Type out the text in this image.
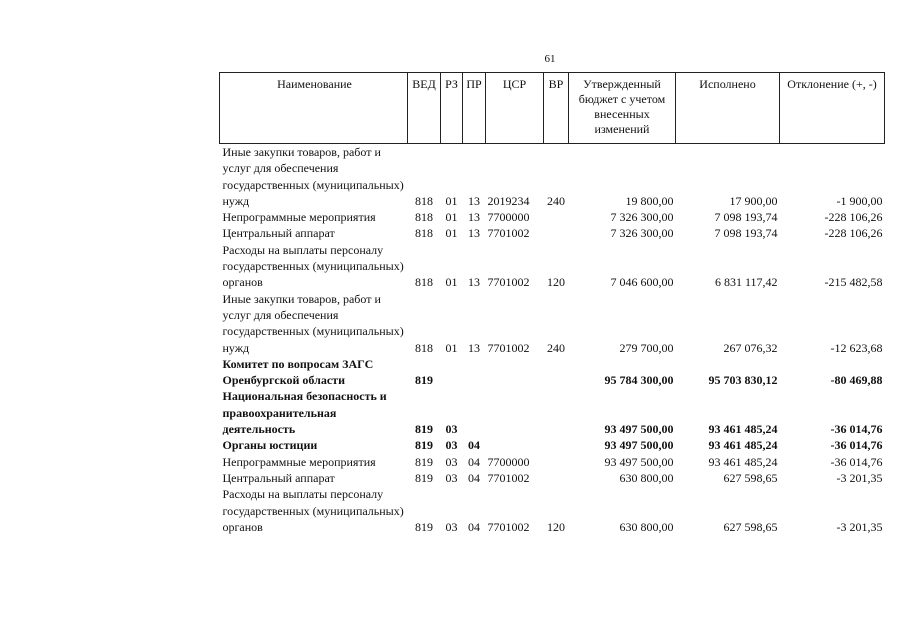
61
Наименование	ВЕД	РЗ	ПР	ЦСР	ВР	Утвержденный бюджет с учетом внесенных изменений	Исполнено	Отклонение (+, -)
Иные закупки товаров, работ и услуг для обеспечения государственных (муниципальных) нужд	818	01	13	2019234	240	19 800,00	17 900,00	-1 900,00
Непрограммные мероприятия	818	01	13	7700000		7 326 300,00	7 098 193,74	-228 106,26
Центральный аппарат	818	01	13	7701002		7 326 300,00	7 098 193,74	-228 106,26
Расходы на выплаты персоналу государственных (муниципальных) органов	818	01	13	7701002	120	7 046 600,00	6 831 117,42	-215 482,58
Иные закупки товаров, работ и услуг для обеспечения государственных (муниципальных) нужд	818	01	13	7701002	240	279 700,00	267 076,32	-12 623,68
Комитет по вопросам ЗАГС Оренбургской области	819					95 784 300,00	95 703 830,12	-80 469,88
Национальная безопасность и правоохранительная деятельность	819	03				93 497 500,00	93 461 485,24	-36 014,76
Органы юстиции	819	03	04			93 497 500,00	93 461 485,24	-36 014,76
Непрограммные мероприятия	819	03	04	7700000		93 497 500,00	93 461 485,24	-36 014,76
Центральный аппарат	819	03	04	7701002		630 800,00	627 598,65	-3 201,35
Расходы на выплаты персоналу государственных (муниципальных) органов	819	03	04	7701002	120	630 800,00	627 598,65	-3 201,35
